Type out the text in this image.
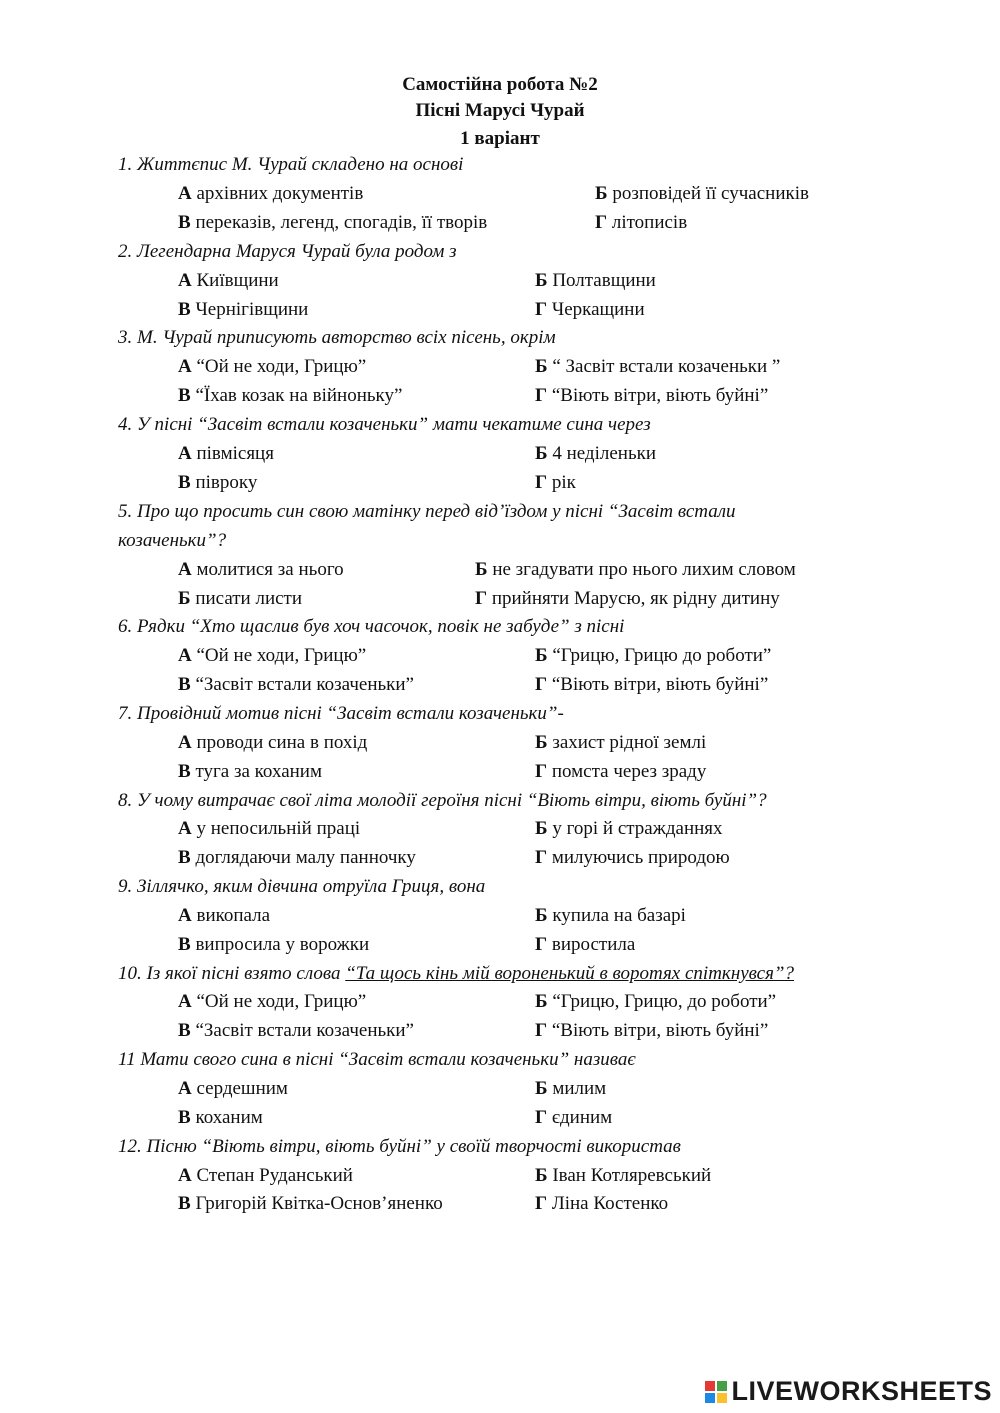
Самостійна робота №2
Пісні Марусі Чурай
1 варіант
1. Життєпис М. Чурай складено на основі
А архівних документів	Б розповідей її сучасників
В переказів, легенд, спогадів, її творів	Г літописів
2. Легендарна Маруся Чурай була родом з
А Київщини	Б Полтавщини
В Чернігівщини	Г Черкащини
3. М. Чурай приписують авторство всіх пісень, окрім
А “Ой не ходи, Грицю”	Б “ Засвіт встали козаченьки ”
В “Їхав козак на війноньку”	Г “Віють вітри, віють буйні”
4. У пісні “Засвіт встали козаченьки” мати чекатиме сина через
А півмісяця	Б 4 неділеньки
В півроку	Г рік
5. Про що просить син свою матінку перед від’їздом у пісні “Засвіт встали
козаченьки”?
А молитися за нього	Б не згадувати про нього лихим словом
Б писати листи	Г прийняти Марусю, як рідну дитину
6. Рядки “Хто щаслив був хоч часочок, повік не забуде” з пісні
А “Ой не ходи, Грицю”	Б “Грицю, Грицю до роботи”
В “Засвіт встали козаченьки”	Г “Віють вітри, віють буйні”
7. Провідний мотив пісні “Засвіт встали козаченьки”-
А проводи сина в похід	Б захист рідної землі
В туга за коханим	Г помста через зраду
8. У чому витрачає свої літа молодії героїня пісні “Віють вітри, віють буйні”?
А у непосильній праці	Б у горі й стражданнях
В доглядаючи малу панночку	Г милуючись природою
9. Зіллячко, яким дівчина отруїла Гриця, вона
А викопала	Б купила на базарі
В випросила у ворожки	Г виростила
10. Із якої пісні взято слова “Та щось кінь мій вороненький в воротях спіткнувся”?
А “Ой не ходи, Грицю”	Б “Грицю, Грицю, до роботи”
В “Засвіт встали козаченьки”	Г “Віють вітри, віють буйні”
11 Мати свого сина в пісні “Засвіт встали козаченьки” називає
А сердешним	Б милим
В коханим	Г єдиним
12. Пісню “Віють вітри, віють буйні” у своїй творчості використав
А Степан Руданський	Б Іван Котляревський
В Григорій Квітка-Основ’яненко	Г Ліна Костенко
LIVEWORKSHEETS
